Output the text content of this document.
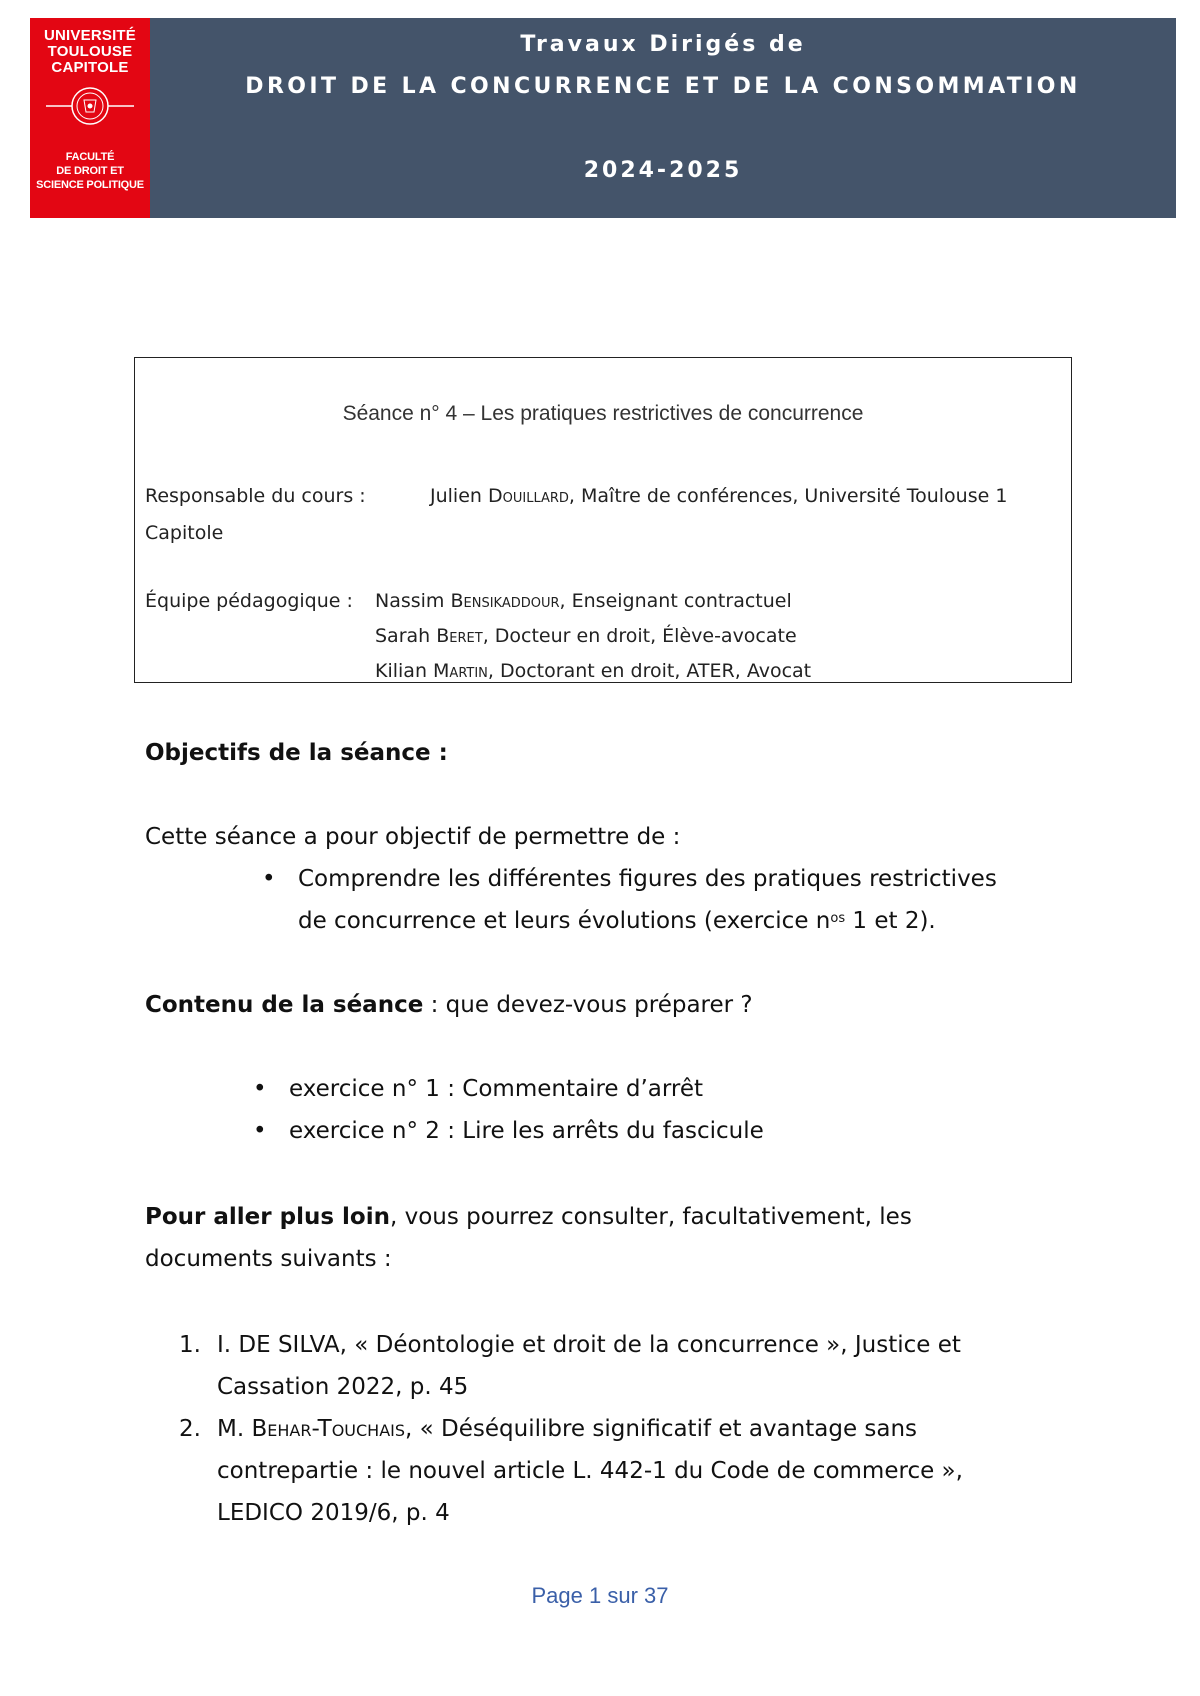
UNIVERSITÉ
TOULOUSE
CAPITOLE
FACULTÉ
DE DROIT ET
SCIENCE POLITIQUE
Travaux Dirigés de
DROIT DE LA CONCURRENCE ET DE LA CONSOMMATION
2024-2025
Séance n° 4 – Les pratiques restrictives de concurrence
Responsable du cours :	Julien Douillard, Maître de conférences, Université Toulouse 1
Capitole
Équipe pédagogique : Nassim Bensikaddour, Enseignant contractuel
Sarah Beret, Docteur en droit, Élève-avocate
Kilian Martin, Doctorant en droit, ATER, Avocat
Objectifs de la séance :
Cette séance a pour objectif de permettre de :
• Comprendre les différentes figures des pratiques restrictives
de concurrence et leurs évolutions (exercice $n^{os}$ 1 et 2).
Contenu de la séance : que devez-vous préparer ?
• exercice n° 1 : Commentaire d’arrêt
• exercice n° 2 : Lire les arrêts du fascicule
Pour aller plus loin, vous pourrez consulter, facultativement, les
documents suivants :
1. I. DE SILVA, « Déontologie et droit de la concurrence », Justice et
Cassation 2022, p. 45
2. M. Behar-Touchais, « Déséquilibre significatif et avantage sans
contrepartie : le nouvel article L. 442-1 du Code de commerce »,
LEDICO 2019/6, p. 4
Page 1 sur 37
